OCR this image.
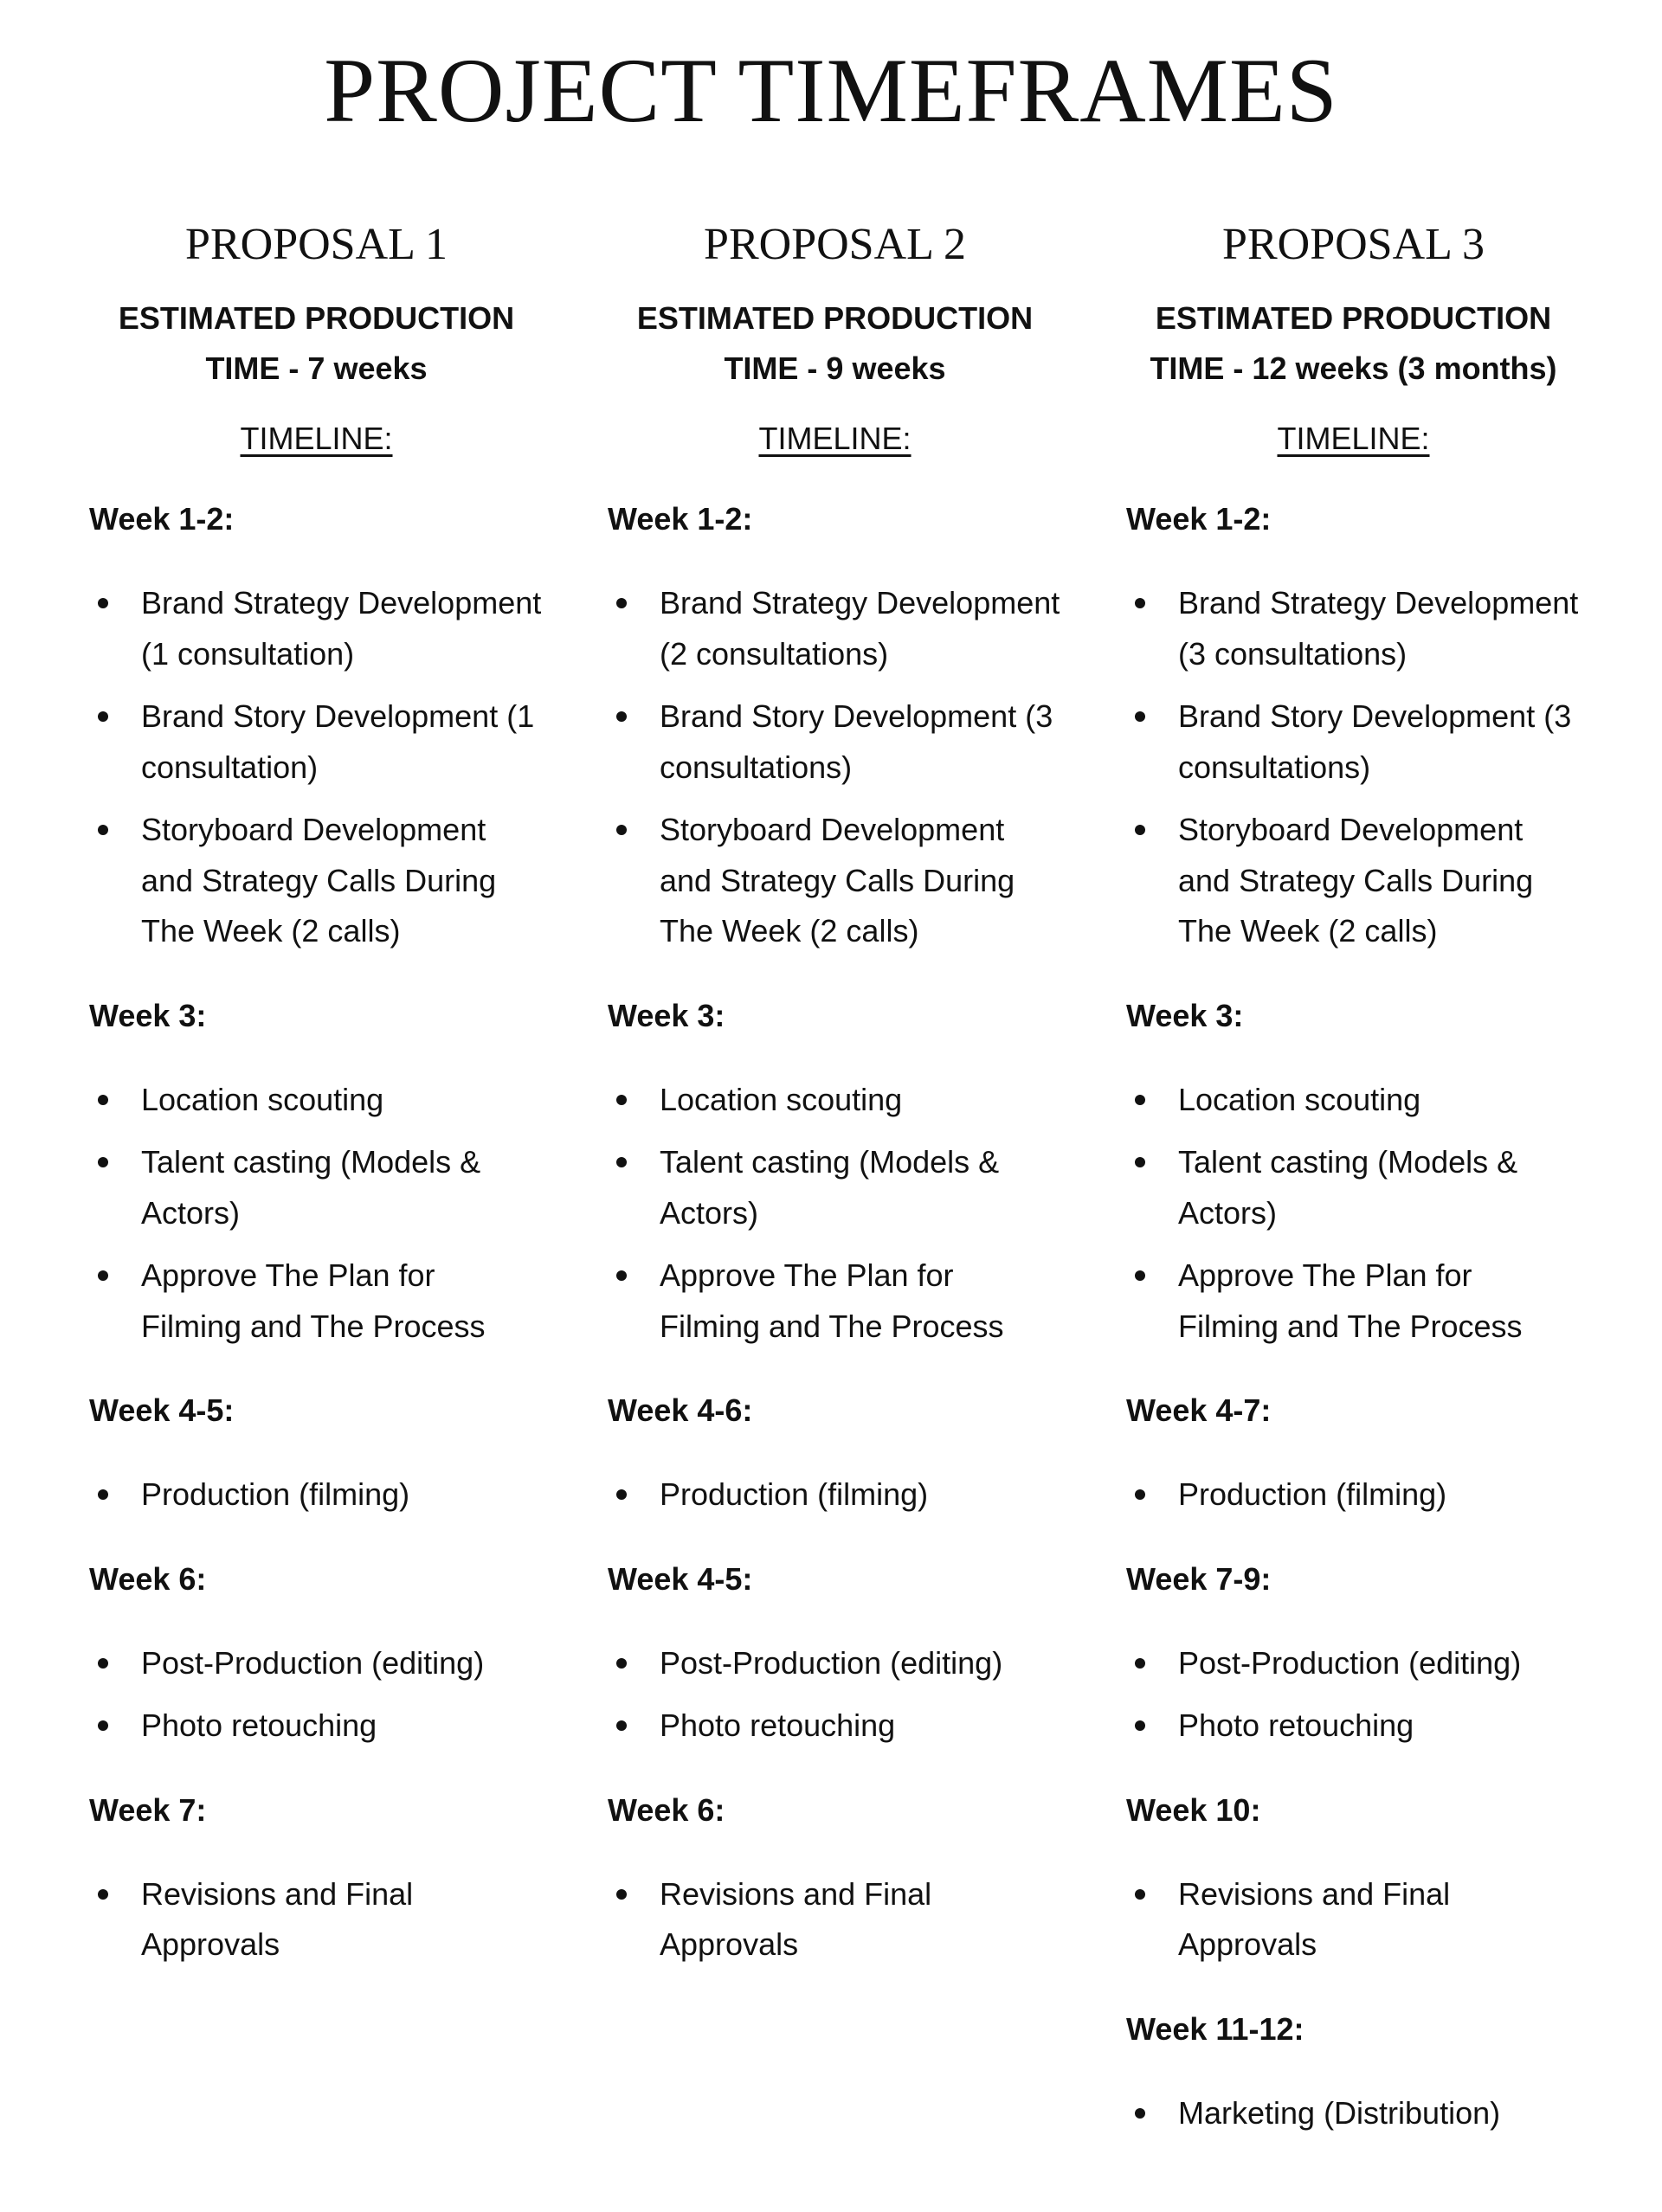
PROJECT TIMEFRAMES
PROPOSAL 1
ESTIMATED PRODUCTION
TIME - 7 weeks
TIMELINE:
Week 1-2:
Brand Strategy Development (1 consultation)
Brand Story Development (1 consultation)
Storyboard Development and Strategy Calls During The Week (2 calls)
Week 3:
Location scouting
Talent casting (Models & Actors)
Approve The Plan for Filming and The Process
Week 4-5:
Production (filming)
Week 6:
Post-Production (editing)
Photo retouching
Week 7:
Revisions and Final Approvals
PROPOSAL 2
ESTIMATED PRODUCTION
TIME - 9 weeks
TIMELINE:
Week 1-2:
Brand Strategy Development (2 consultations)
Brand Story Development (3 consultations)
Storyboard Development and Strategy Calls During The Week (2 calls)
Week 3:
Location scouting
Talent casting (Models & Actors)
Approve The Plan for Filming and The Process
Week 4-6:
Production (filming)
Week 4-5:
Post-Production (editing)
Photo retouching
Week 6:
Revisions and Final Approvals
PROPOSAL 3
ESTIMATED PRODUCTION
TIME - 12 weeks (3 months)
TIMELINE:
Week 1-2:
Brand Strategy Development (3 consultations)
Brand Story Development (3 consultations)
Storyboard Development and Strategy Calls During The Week (2 calls)
Week 3:
Location scouting
Talent casting (Models & Actors)
Approve The Plan for Filming and The Process
Week 4-7:
Production (filming)
Week 7-9:
Post-Production (editing)
Photo retouching
Week 10:
Revisions and Final Approvals
Week 11-12:
Marketing (Distribution)
